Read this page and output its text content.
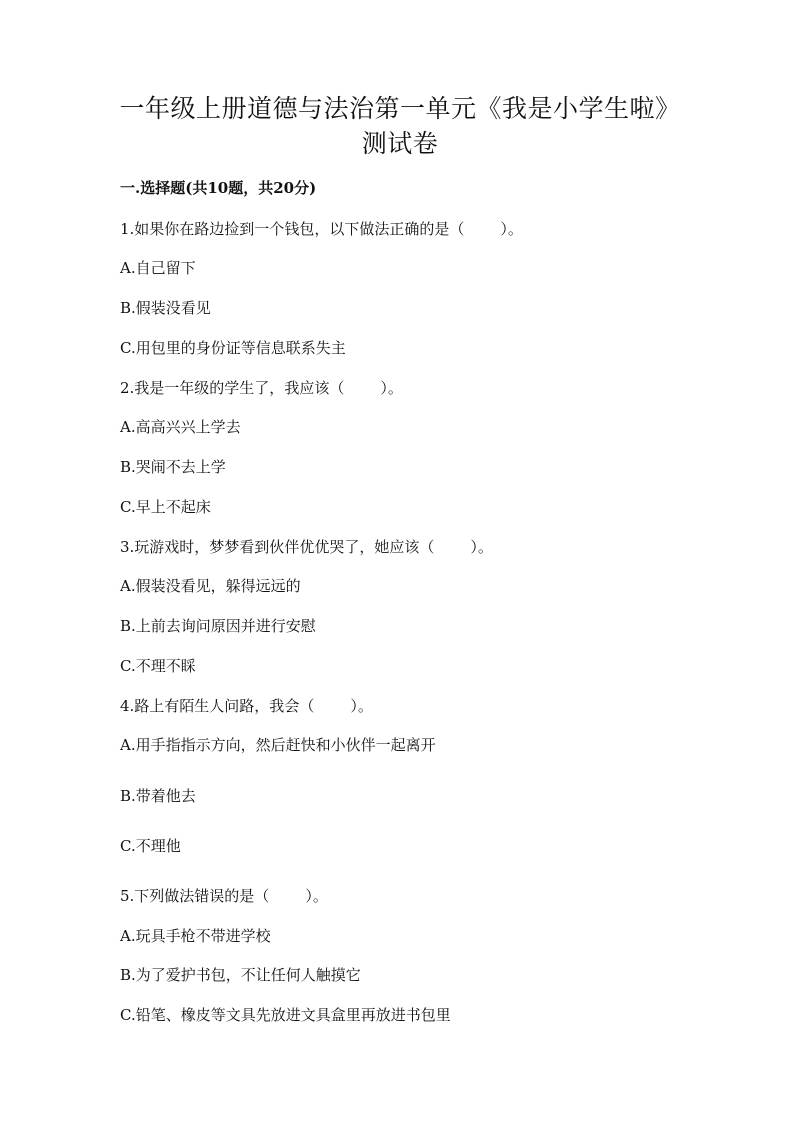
一年级上册道德与法治第一单元《我是小学生啦》
测试卷
一.选择题(共10题，共20分)
1.如果你在路边捡到一个钱包，以下做法正确的是（ ）。
A.自己留下
B.假装没看见
C.用包里的身份证等信息联系失主
2.我是一年级的学生了，我应该（ ）。
A.高高兴兴上学去
B.哭闹不去上学
C.早上不起床
3.玩游戏时，梦梦看到伙伴优优哭了，她应该（ ）。
A.假装没看见，躲得远远的
B.上前去询问原因并进行安慰
C.不理不睬
4.路上有陌生人问路，我会（ ）。
A.用手指指示方向，然后赶快和小伙伴一起离开
B.带着他去
C.不理他
5.下列做法错误的是（ ）。
A.玩具手枪不带进学校
B.为了爱护书包，不让任何人触摸它
C.铅笔、橡皮等文具先放进文具盒里再放进书包里
